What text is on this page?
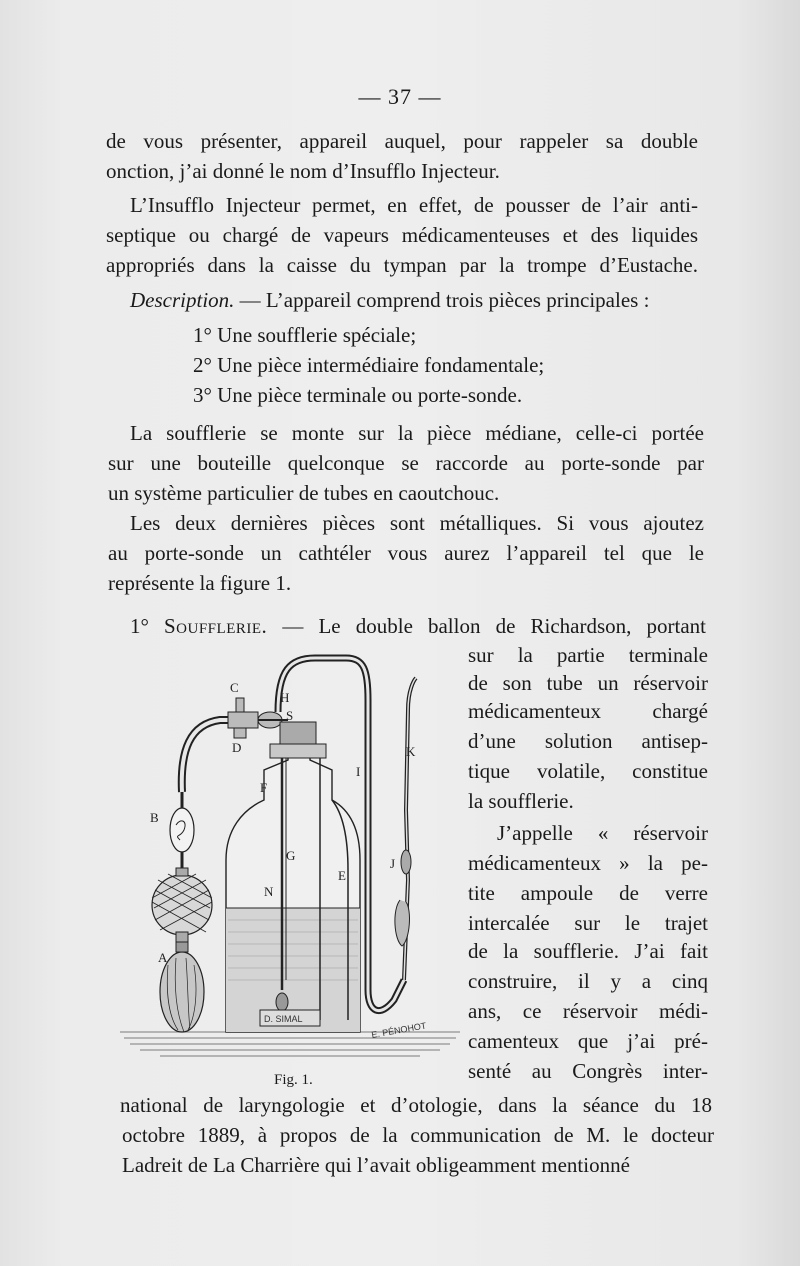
— 37 —
de vous présenter, appareil auquel, pour rappeler sa double
onction, j’ai donné le nom d’Insufflo Injecteur.
L’Insufflo Injecteur permet, en effet, de pousser de l’air anti-
septique ou chargé de vapeurs médicamenteuses et des liquides
appropriés dans la caisse du tympan par la trompe d’Eustache.
Description. — L’appareil comprend trois pièces principales :
1° Une soufflerie spéciale;
2° Une pièce intermédiaire fondamentale;
3° Une pièce terminale ou porte-sonde.
La soufflerie se monte sur la pièce médiane, celle-ci portée
sur une bouteille quelconque se raccorde au porte-sonde par
un système particulier de tubes en caoutchouc.
Les deux dernières pièces sont métalliques. Si vous ajoutez
au porte-sonde un cathtéler vous aurez l’appareil tel que le
représente la figure 1.
1° Soufflerie. — Le double ballon de Richardson, portant
sur la partie terminale
de son tube un réservoir
médicamenteux chargé
d’une solution antisep-
tique volatile, constitue
la soufflerie.
J’appelle « réservoir
médicamenteux » la pe-
tite ampoule de verre
intercalée sur le trajet
de la soufflerie. J’ai fait
construire, il y a cinq
ans, ce réservoir médi-
camenteux que j’ai pré-
senté au Congrès inter-
national de laryngologie et d’otologie, dans la séance du 18
octobre 1889, à propos de la communication de M. le docteur
Ladreit de La Charrière qui l’avait obligeamment mentionné
C
H
S
D	K
I
F
B
G
E
J
N
A
D. SIMAL
E. PÉNOHOT
Fig. 1.
